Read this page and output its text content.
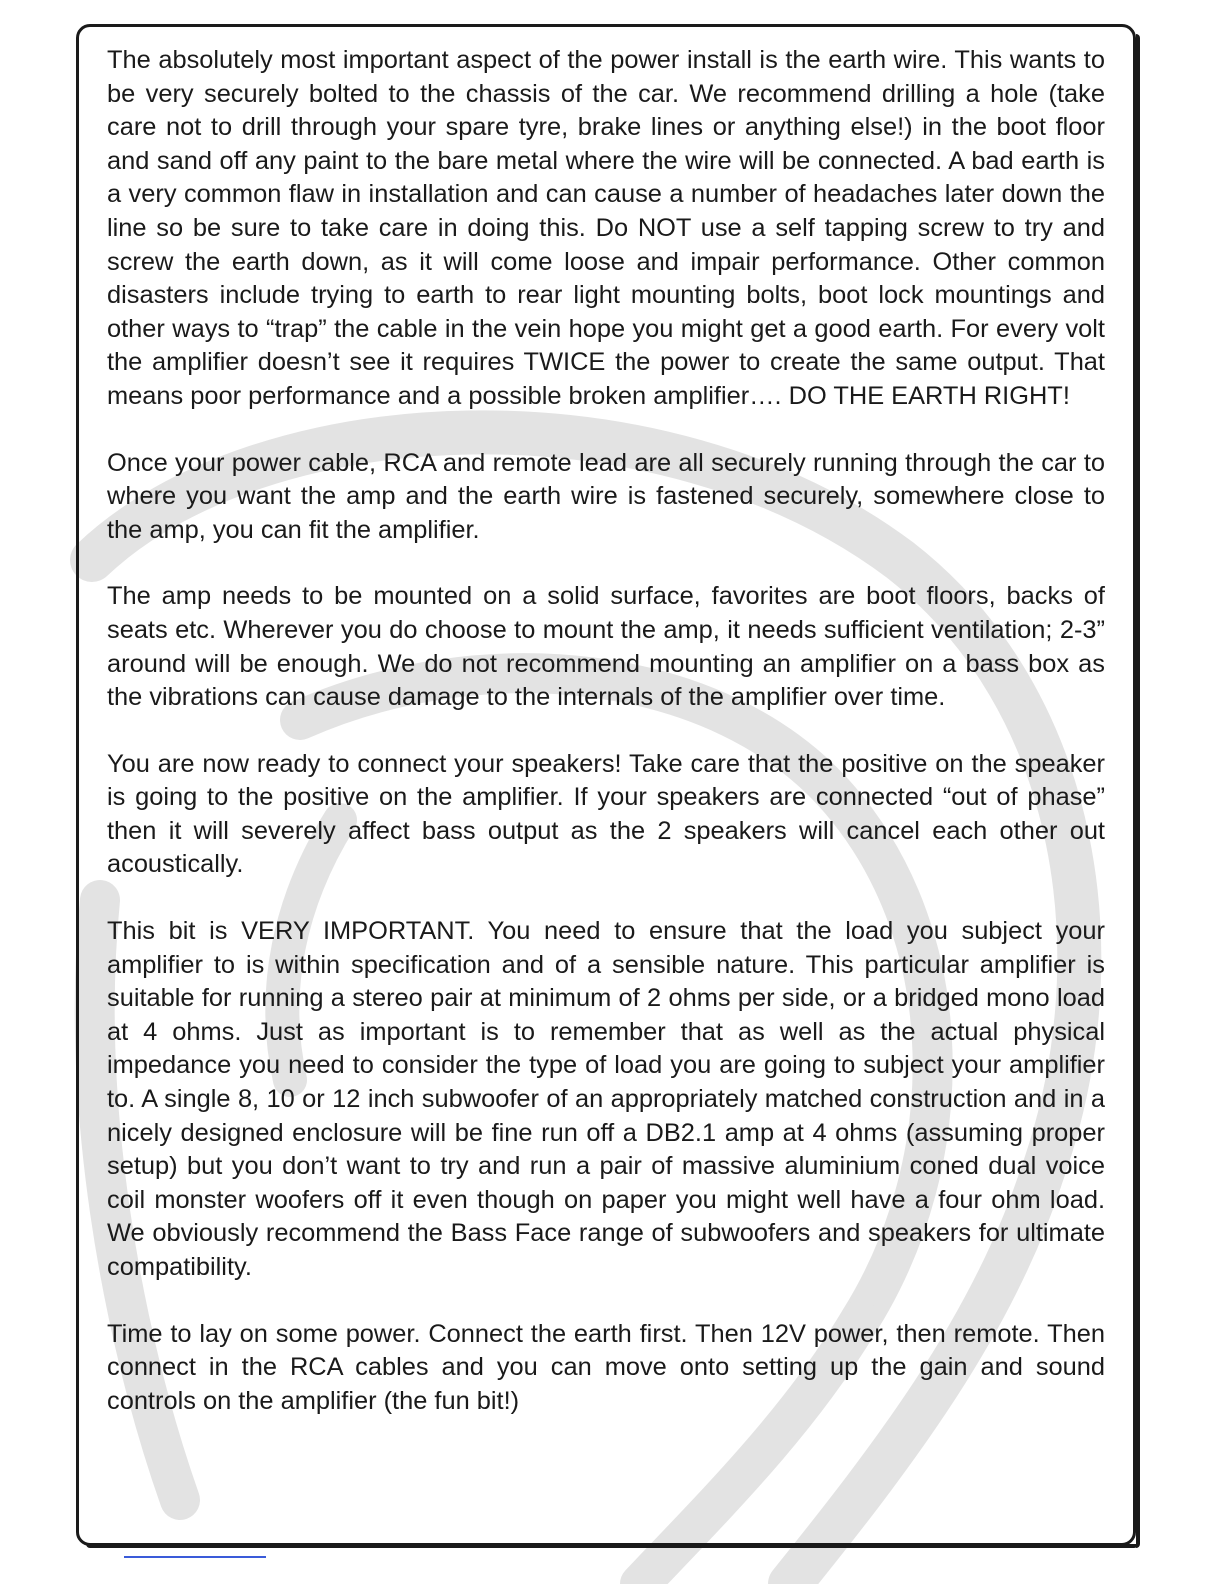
The absolutely most important aspect of the power install is the earth wire. This wants to be very securely bolted to the chassis of the car. We recommend drilling a hole (take care not to drill through your spare tyre, brake lines or anything else!) in the boot floor and sand off any paint to the bare metal where the wire will be connected. A bad earth is a very common flaw in installation and can cause a number of headaches later down the line so be sure to take care in doing this. Do NOT use a self tapping screw to try and screw the earth down, as it will come loose and impair performance. Other common disasters include trying to earth to rear light mounting bolts, boot lock mountings and other ways to “trap” the cable in the vein hope you might get a good earth. For every volt the amplifier doesn’t see it requires TWICE the power to create the same output. That means poor performance and a possible broken amplifier…. DO THE EARTH RIGHT!

Once your power cable, RCA and remote lead are all securely running through the car to where you want the amp and the earth wire is fastened securely, somewhere close to the amp, you can fit the amplifier.

The amp needs to be mounted on a solid surface, favorites are boot floors, backs of seats etc. Wherever you do choose to mount the amp, it needs sufficient ventilation; 2-3” around will be enough. We do not recommend mounting an amplifier on a bass box as the vibrations can cause damage to the internals of the amplifier over time.

You are now ready to connect your speakers! Take care that the positive on the speaker is going to the positive on the amplifier. If your speakers are connected “out of phase” then it will severely affect bass output as the 2 speakers will cancel each other out acoustically.

This bit is VERY IMPORTANT. You need to ensure that the load you subject your amplifier to is within specification and of a sensible nature. This particular amplifier is suitable for running a stereo pair at minimum of 2 ohms per side, or a bridged mono load at 4 ohms. Just as important is to remember that as well as the actual physical impedance you need to consider the type of load you are going to subject your amplifier to. A single 8, 10 or 12 inch subwoofer of an appropriately matched construction and in a nicely designed enclosure will be fine run off a DB2.1 amp at 4 ohms (assuming proper setup) but you don’t want to try and run a pair of massive aluminium coned dual voice coil monster woofers off it even though on paper you might well have a four ohm load. We obviously recommend the Bass Face range of subwoofers and speakers for ultimate compatibility.

Time to lay on some power. Connect the earth first. Then 12V power, then remote. Then connect in the RCA cables and you can move onto setting up the gain and sound controls on the amplifier (the fun bit!)
